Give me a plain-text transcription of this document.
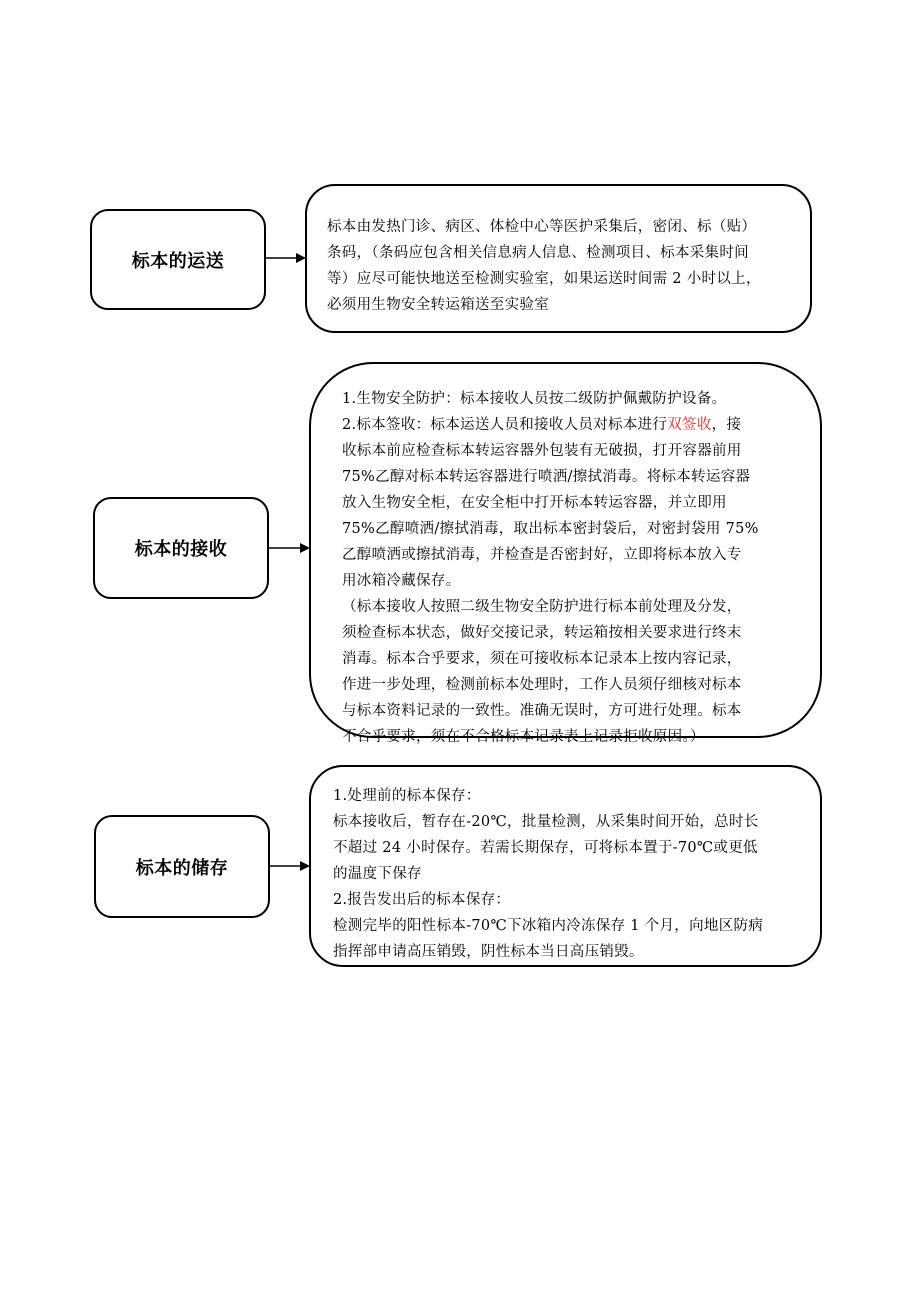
标本的运送

标本由发热门诊、病区、体检中心等医护采集后，密闭、标（贴）

条码，（条码应包含相关信息病人信息、检测项目、标本采集时间

等）应尽可能快地送至检测实验室，如果运送时间需 2 小时以上，

必须用生物安全转运箱送至实验室

标本的接收

1.生物安全防护：标本接收人员按二级防护佩戴防护设备。

2.标本签收：标本运送人员和接收人员对标本进行双签收，接

收标本前应检查标本转运容器外包装有无破损，打开容器前用

75%乙醇对标本转运容器进行喷洒/擦拭消毒。将标本转运容器

放入生物安全柜，在安全柜中打开标本转运容器，并立即用

75%乙醇喷洒/擦拭消毒，取出标本密封袋后，对密封袋用 75%

乙醇喷洒或擦拭消毒，并检查是否密封好，立即将标本放入专

用冰箱冷藏保存。

（标本接收人按照二级生物安全防护进行标本前处理及分发，

须检查标本状态，做好交接记录，转运箱按相关要求进行终末

消毒。标本合乎要求，须在可接收标本记录本上按内容记录，

作进一步处理，检测前标本处理时，工作人员须仔细核对标本

与标本资料记录的一致性。准确无误时，方可进行处理。标本

不合乎要求，须在不合格标本记录表上记录拒收原因。）

标本的储存

1.处理前的标本保存：

标本接收后，暂存在-20℃，批量检测，从采集时间开始，总时长

不超过 24 小时保存。若需长期保存，可将标本置于-70℃或更低

的温度下保存

2.报告发出后的标本保存：

检测完毕的阳性标本-70℃下冰箱内冷冻保存 1 个月，向地区防病

指挥部申请高压销毁，阴性标本当日高压销毁。
